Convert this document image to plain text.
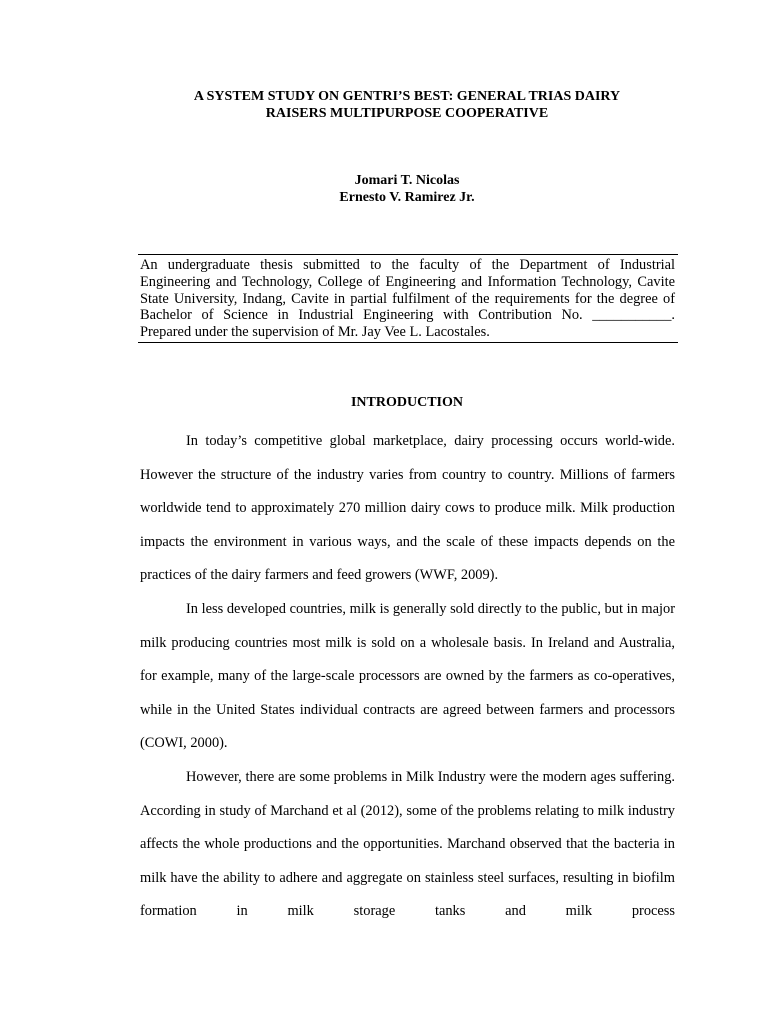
A SYSTEM STUDY ON GENTRI’S BEST: GENERAL TRIAS DAIRY
RAISERS MULTIPURPOSE COOPERATIVE
Jomari T. Nicolas
Ernesto V. Ramirez Jr.
An undergraduate thesis submitted to the faculty of the Department of Industrial Engineering and Technology, College of Engineering and Information Technology, Cavite State University, Indang, Cavite in partial fulfilment of the requirements for the degree of Bachelor of Science in Industrial Engineering with Contribution No. ___________. Prepared under the supervision of Mr. Jay Vee L. Lacostales.
INTRODUCTION

In today’s competitive global marketplace, dairy processing occurs world-wide. However the structure of the industry varies from country to country. Millions of farmers worldwide tend to approximately 270 million dairy cows to produce milk. Milk production impacts the environment in various ways, and the scale of these impacts depends on the practices of the dairy farmers and feed growers (WWF, 2009).

In less developed countries, milk is generally sold directly to the public, but in major milk producing countries most milk is sold on a wholesale basis. In Ireland and Australia, for example, many of the large-scale processors are owned by the farmers as co-operatives, while in the United States individual contracts are agreed between farmers and processors (COWI, 2000).

However, there are some problems in Milk Industry were the modern ages suffering. According in study of Marchand et al (2012), some of the problems relating to milk industry affects the whole productions and the opportunities. Marchand observed that the bacteria in milk have the ability to adhere and aggregate on stainless steel surfaces, resulting in biofilm formation in milk storage tanks and milk process
